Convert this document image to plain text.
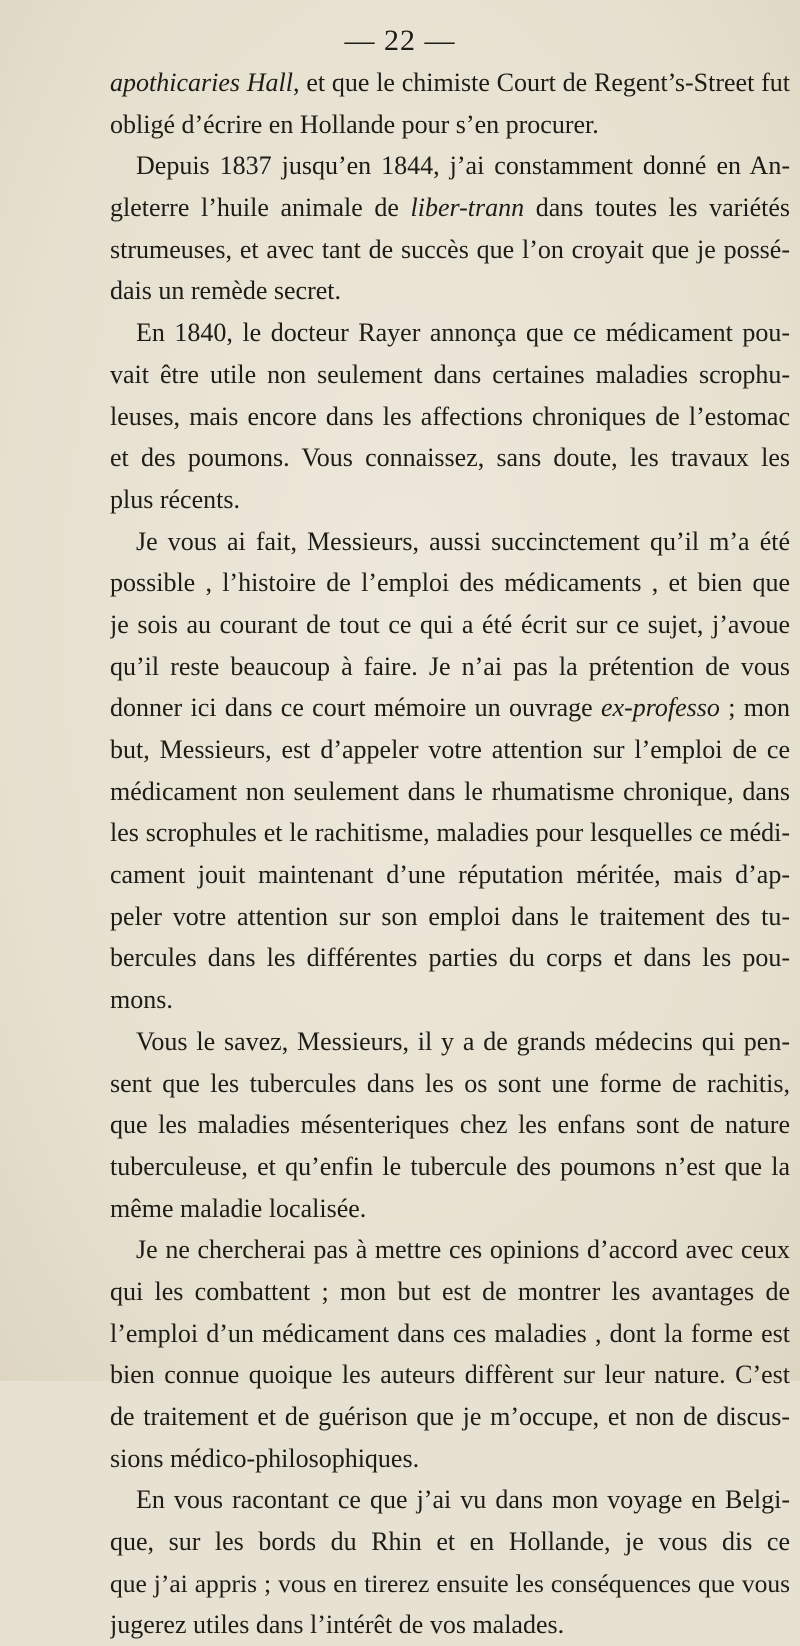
— 22 —
apothicaries Hall, et que le chimiste Court de Regent’s-Street fut
obligé d’écrire en Hollande pour s’en procurer.
Depuis 1837 jusqu’en 1844, j’ai constamment donné en An-
gleterre l’huile animale de liber-trann dans toutes les variétés
strumeuses, et avec tant de succès que l’on croyait que je possé-
dais un remède secret.
En 1840, le docteur Rayer annonça que ce médicament pou-
vait être utile non seulement dans certaines maladies scrophu-
leuses, mais encore dans les affections chroniques de l’estomac
et des poumons. Vous connaissez, sans doute, les travaux les
plus récents.
Je vous ai fait, Messieurs, aussi succinctement qu’il m’a été
possible , l’histoire de l’emploi des médicaments , et bien que
je sois au courant de tout ce qui a été écrit sur ce sujet, j’avoue
qu’il reste beaucoup à faire. Je n’ai pas la prétention de vous
donner ici dans ce court mémoire un ouvrage ex-professo ; mon
but, Messieurs, est d’appeler votre attention sur l’emploi de ce
médicament non seulement dans le rhumatisme chronique, dans
les scrophules et le rachitisme, maladies pour lesquelles ce médi-
cament jouit maintenant d’une réputation méritée, mais d’ap-
peler votre attention sur son emploi dans le traitement des tu-
bercules dans les différentes parties du corps et dans les pou-
mons.
Vous le savez, Messieurs, il y a de grands médecins qui pen-
sent que les tubercules dans les os sont une forme de rachitis,
que les maladies mésenteriques chez les enfans sont de nature
tuberculeuse, et qu’enfin le tubercule des poumons n’est que la
même maladie localisée.
Je ne chercherai pas à mettre ces opinions d’accord avec ceux
qui les combattent ; mon but est de montrer les avantages de
l’emploi d’un médicament dans ces maladies , dont la forme est
bien connue quoique les auteurs diffèrent sur leur nature. C’est
de traitement et de guérison que je m’occupe, et non de discus-
sions médico-philosophiques.
En vous racontant ce que j’ai vu dans mon voyage en Belgi-
que, sur les bords du Rhin et en Hollande, je vous dis ce
que j’ai appris ; vous en tirerez ensuite les conséquences que vous
jugerez utiles dans l’intérêt de vos malades.
